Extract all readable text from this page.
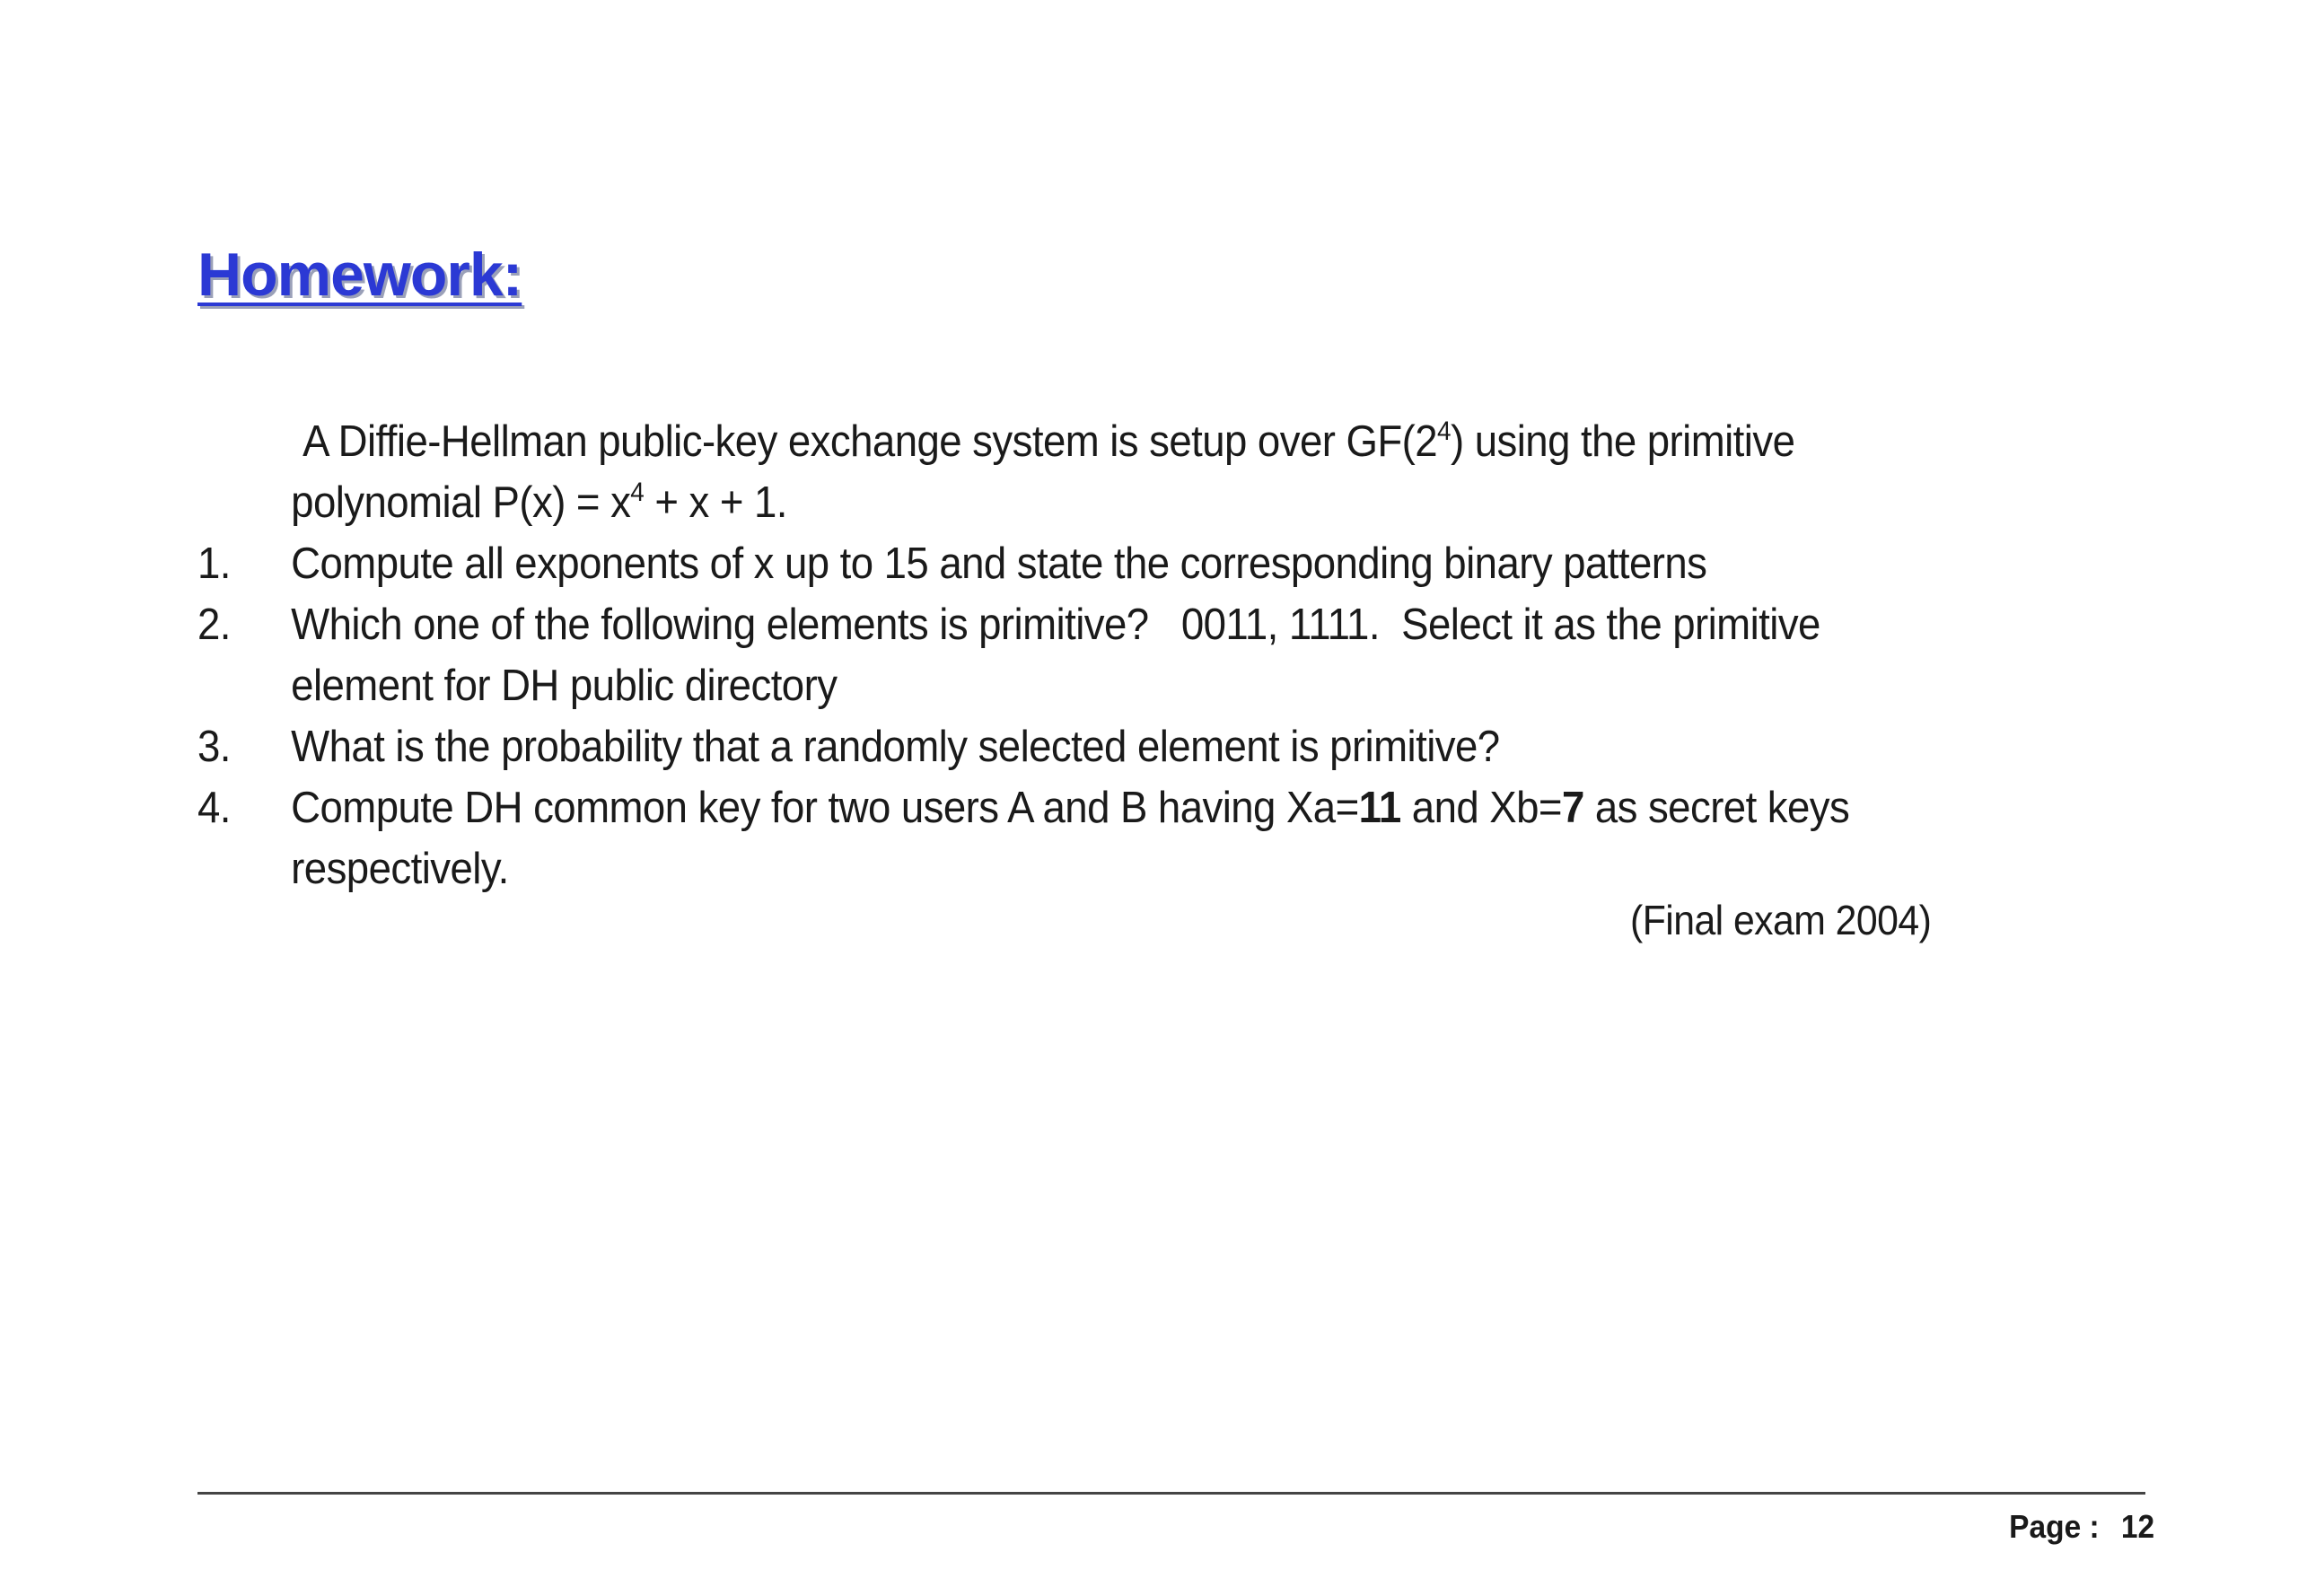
Homework:

A Diffie-Hellman public-key exchange system is setup over $GF(2^4)$ using the primitive
polynomial $P(x) = x^4 + x + 1$.

1.	Compute all exponents of x up to 15 and state the corresponding binary patterns
2.	Which one of the following elements is primitive?   0011, 1111.  Select it as the primitive
element for DH public directory
3.	What is the probability that a randomly selected element is primitive?
4.	Compute DH common key for two users A and B having Xa=11 and Xb=7 as secret keys
respectively.
(Final exam 2004)
Page : 12
